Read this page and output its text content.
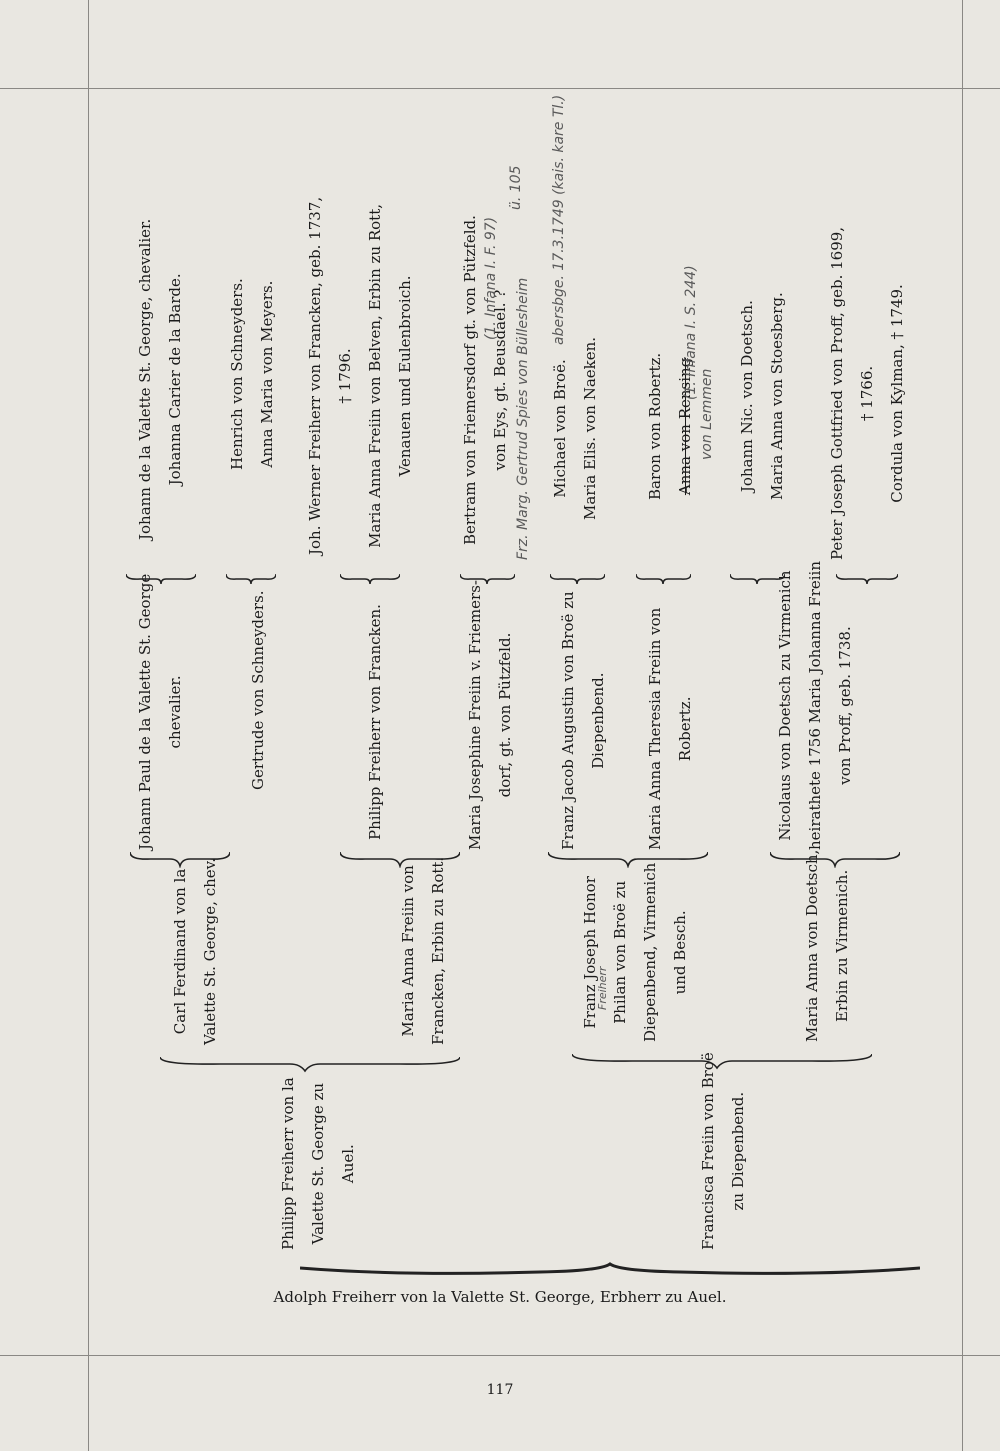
Philipp Freiherr von la Valette St. George zu Auel.	Francisca Freiin von Broë zu Diepenbend.
Carl Ferdinand von la Valette St. George, chev.	Maria Anna Freiin von Francken, Erbin zu Rott.	Franz Joseph Honor Philan von Broë zu Diepenbend, Virmenich und Besch.	Maria Anna von Doetsch, Erbin zu Virmenich.
Johann Paul de la Valette St. George chevalier.	Gertrude von Schneyders.	Philipp Freiherr von Francken.	Maria Josephine Freiin v. Friemers- dorf, gt. von Pützfeld.	Franz Jacob Augustin von Broë zu Diepenbend.	Maria Anna Theresia Freiin von Robertz.	Nicolaus von Doetsch zu Virmenich heirathete 1756 Maria Johanna Freiin von Proff, geb. 1738.
Johann de la Valette St. George, chevalier. Johanna Carier de la Barde.	Henrich von Schneyders. Anna Maria von Meyers.	Joh. Werner Freiherr von Francken, geb. 1737, † 1796. Maria Anna Freiin von Belven, Erbin zu Rott, Venauen und Eulenbroich.	Bertram von Friemersdorf gt. von Pützfeld. von Eys, gt. Beusdael. ?	Michael von Broë. Maria Elis. von Naeken.	Baron von Robertz. Anna von Rensing	Johann Nic. von Doetsch. Maria Anna von Stoesberg.	Peter Joseph Gottfried von Proff, geb. 1699, † 1766. Cordula von Kylman, † 1749.
(1. Infana I. F. 97)
ü. 105
Frz. Marg. Gertrud Spies von Büllesheim
abersbge. 17.3.1749 (kais. kare Tl.)	(1. Infana I. S. 244)
von Lemmen
Freiherr
Adolph Freiherr von la Valette St. George, Erbherr zu Auel.
117
